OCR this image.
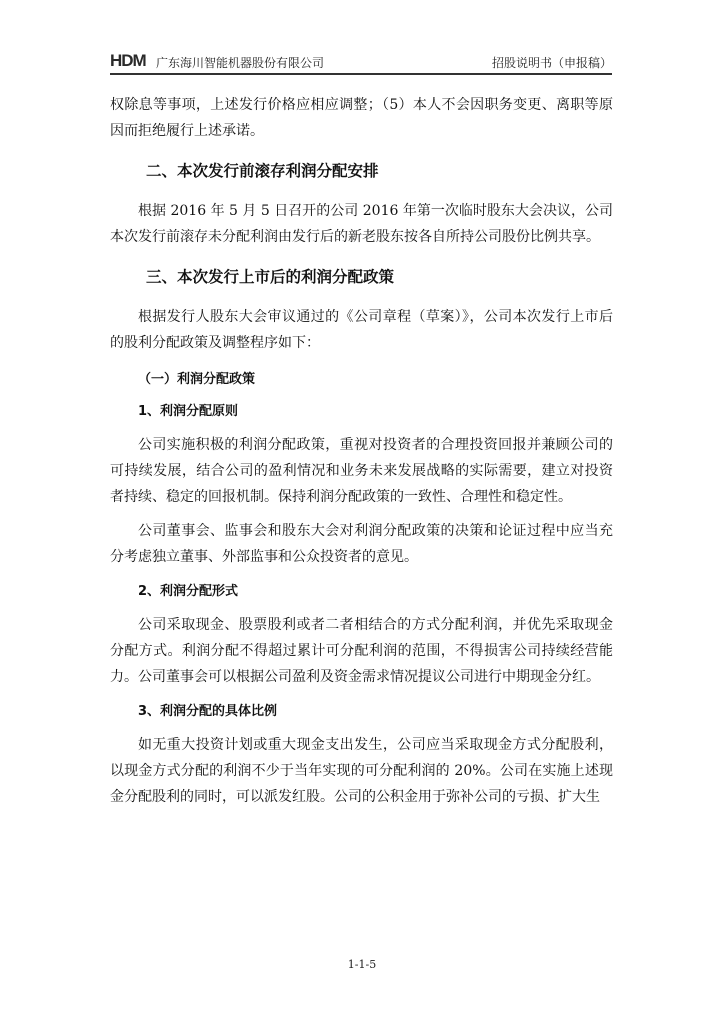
HDM 广东海川智能机器股份有限公司	招股说明书（申报稿）

权除息等事项，上述发行价格应相应调整；（5）本人不会因职务变更、离职等原因而拒绝履行上述承诺。

二、本次发行前滚存利润分配安排

根据 2016 年 5 月 5 日召开的公司 2016 年第一次临时股东大会决议，公司本次发行前滚存未分配利润由发行后的新老股东按各自所持公司股份比例共享。

三、本次发行上市后的利润分配政策

根据发行人股东大会审议通过的《公司章程（草案）》，公司本次发行上市后的股利分配政策及调整程序如下：

（一）利润分配政策
1、利润分配原则

公司实施积极的利润分配政策，重视对投资者的合理投资回报并兼顾公司的可持续发展，结合公司的盈利情况和业务未来发展战略的实际需要，建立对投资者持续、稳定的回报机制。保持利润分配政策的一致性、合理性和稳定性。

公司董事会、监事会和股东大会对利润分配政策的决策和论证过程中应当充分考虑独立董事、外部监事和公众投资者的意见。

2、利润分配形式

公司采取现金、股票股利或者二者相结合的方式分配利润，并优先采取现金分配方式。利润分配不得超过累计可分配利润的范围，不得损害公司持续经营能力。公司董事会可以根据公司盈利及资金需求情况提议公司进行中期现金分红。

3、利润分配的具体比例

如无重大投资计划或重大现金支出发生，公司应当采取现金方式分配股利，以现金方式分配的利润不少于当年实现的可分配利润的 20%。公司在实施上述现金分配股利的同时，可以派发红股。公司的公积金用于弥补公司的亏损、扩大生

1-1-5
